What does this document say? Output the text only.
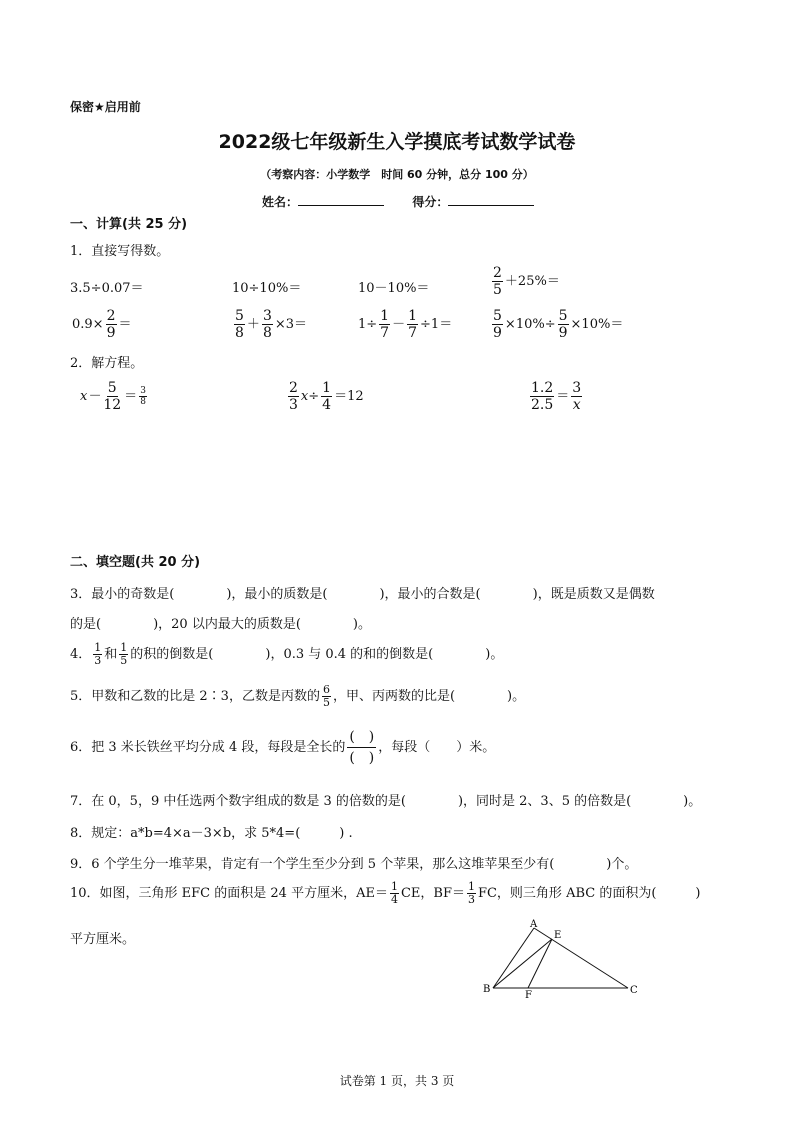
保密★启用前
2022级七年级新生入学摸底考试数学试卷
（考察内容：小学数学　时间 60 分钟，总分 100 分）
姓名：	得分：
一、计算(共 25 分)
1．直接写得数。
3.5÷0.07＝	10÷10%＝	10－10%＝	$\frac{2}{5} +25\%=$
$0.9\times \frac{2}{9}$ ＝	$\frac{5}{8} + \frac{3}{8} \times 3=$	$1\div \frac{1}{7} - \frac{1}{7} \div 1=$	$\frac{5}{9} \times 10\%\div \frac{5}{9} \times 10\%=$
2．解方程。
$x- \frac{5}{12} = \frac{3}{8}$	$\frac{2}{3} x\div \frac{1}{4} =12$	$\frac{1.2}{2.5} = \frac{3}{x}$
二、填空题(共 20 分)
3．最小的奇数是(　　　　)，最小的质数是(　　　　)，最小的合数是(　　　　)，既是质数又是偶数
的是(　　　　)，20 以内最大的质数是(　　　　)。
4． $\frac{1}{3}$ 和 $\frac{1}{5}$ 的积的倒数是(　　　　)，0.3 与 0.4 的和的倒数是(　　　　)。
5．甲数和乙数的比是 2∶3，乙数是丙数的 $\frac{6}{5}$ ，甲、丙两数的比是(　　　　)。
6．把 3 米长铁丝平均分成 4 段，每段是全长的 $\frac{( )}{( )}$ ，每段（　　）米。
7．在 0，5，9 中任选两个数字组成的数是 3 的倍数的是(　　　　)，同时是 2、3、5 的倍数是(　　　　)。
8．规定：a*b=4×a－3×b，求 5*4=(　　　) .
9．6 个学生分一堆苹果，肯定有一个学生至少分到 5 个苹果，那么这堆苹果至少有(　　　　)个。
10．如图，三角形 EFC 的面积是 24 平方厘米，$AE= \frac{1}{4}$ CE，$BF= \frac{1}{3}$ FC，则三角形 ABC 的面积为(　　　)
平方厘米。
A
E
B
F	C
试卷第 1 页，共 3 页
